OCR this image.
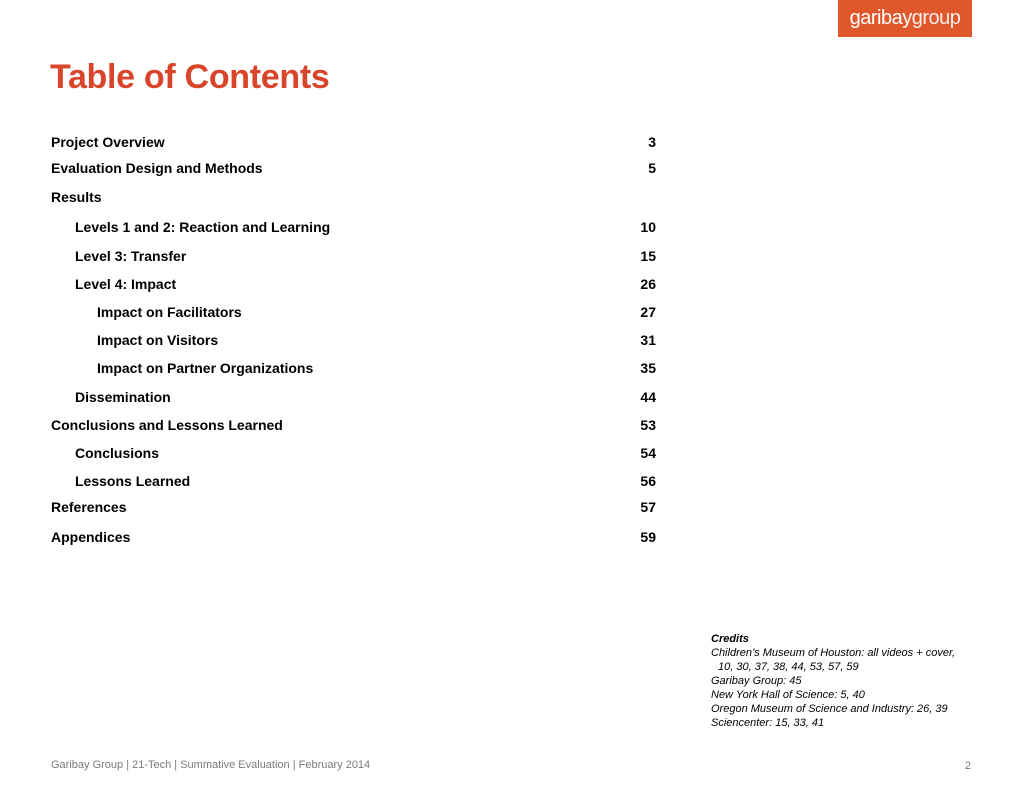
garibaygroup
Table of Contents
Project Overview	3
Evaluation Design and Methods	5
Results
Levels 1 and 2: Reaction and Learning	10
Level 3: Transfer	15
Level 4: Impact	26
Impact on Facilitators	27
Impact on Visitors	31
Impact on Partner Organizations	35
Dissemination	44
Conclusions and Lessons Learned	53
Conclusions	54
Lessons Learned	56
References	57
Appendices	59
Credits
Children’s Museum of Houston: all videos + cover,
10, 30, 37, 38, 44, 53, 57, 59
Garibay Group: 45
New York Hall of Science: 5, 40
Oregon Museum of Science and Industry: 26, 39
Sciencenter: 15, 33, 41
Garibay Group | 21-Tech | Summative Evaluation | February 2014	2
